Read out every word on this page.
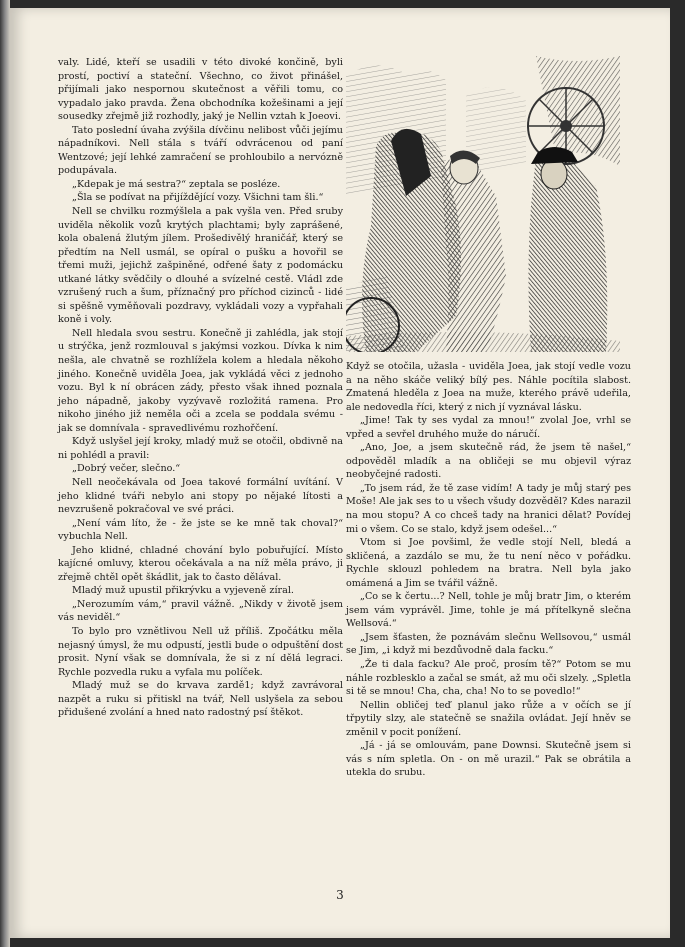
valy. Lidé, kteří se usadili v této divoké končině, byli prostí, poctiví a stateční. Všechno, co život přinášel, přijímali jako nespornou skutečnost a věřili tomu, co vypadalo jako pravda. Žena obchodníka kožešinami a její sousedky zřejmě již rozhodly, jaký je Nellin vztah k Joeovi.

Tato poslední úvaha zvýšila dívčinu nelibost vůči jejímu nápadníkovi. Nell stála s tváří odvrácenou od paní Wentzové; její lehké zamračení se prohloubilo a nervózně podupávala.

„Kdepak je má sestra?“ zeptala se posléze.

„Šla se podívat na přijíždějící vozy. Všichni tam šli.“

Nell se chvilku rozmýšlela a pak vyšla ven. Před sruby uviděla několik vozů krytých plachtami; byly zaprášené, kola obalená žlutým jílem. Prošedivělý hraničář, který se předtím na Nell usmál, se opíral o pušku a hovořil se třemi muži, jejichž zašpiněné, odřené šaty z podomácku utkané látky svědčily o dlouhé a svízelné cestě. Vládl zde vzrušený ruch a šum, příznačný pro příchod cizinců - lidé si spěšně vyměňovali pozdravy, vykládali vozy a vypřahali koně i voly.

Nell hledala svou sestru. Konečně ji zahlédla, jak stojí u strýčka, jenž rozmlouval s jakýmsi vozkou. Dívka k nim nešla, ale chvatně se rozhlížela kolem a hledala někoho jiného. Konečně uviděla Joea, jak vykládá věci z jednoho vozu. Byl k ní obrácen zády, přesto však ihned poznala jeho nápadně, jakoby vyzývavě rozložitá ramena. Pro nikoho jiného již neměla oči a zcela se poddala svému - jak se domnívala - spravedlivému rozhořčení.

Když uslyšel její kroky, mladý muž se otočil, obdivně na ni pohlédl a pravil:

„Dobrý večer, slečno.“

Nell neočekávala od Joea takové formální uvítání. V jeho klidné tváři nebylo ani stopy po nějaké lítosti a nevzrušeně pokračoval ve své práci.

„Není vám líto, že - že jste se ke mně tak choval?“ vybuchla Nell.

Jeho klidné, chladné chování bylo pobuřující. Místo kajícné omluvy, kterou očekávala a na níž měla právo, ji zřejmě chtěl opět škádlit, jak to často dělával.

Mladý muž upustil přikrývku a vyjeveně zíral.

„Nerozumím vám,“ pravil vážně. „Nikdy v životě jsem vás neviděl.“

To bylo pro vznětlivou Nell už příliš. Zpočátku měla nejasný úmysl, že mu odpustí, jestli bude o odpuštění dost prosit. Nyní však se domnívala, že si z ní dělá legraci. Rychle pozvedla ruku a vyfala mu políček.

Mladý muž se do krvava zardě1; když zavrávoral nazpět a ruku si přitiskl na tvář, Nell uslyšela za sebou přidušené zvolání a hned nato radostný psí štěkot.

Když se otočila, užasla - uviděla Joea, jak stojí vedle vozu a na něho skáče veliký bílý pes. Náhle pocítila slabost. Zmatená hleděla z Joea na muže, kterého právě udeřila, ale nedovedla říci, který z nich jí vyznával lásku.

„Jime! Tak ty ses vydal za mnou!“ zvolal Joe, vrhl se vpřed a sevřel druhého muže do náručí.

„Ano, Joe, a jsem skutečně rád, že jsem tě našel,“ odpověděl mladík a na obličeji se mu objevil výraz neobyčejné radosti.

„To jsem rád, že tě zase vidím! A tady je můj starý pes Moše! Ale jak ses to u všech všudy dozvěděl? Kdes narazil na mou stopu? A co chceš tady na hranici dělat? Povídej mi o všem. Co se stalo, když jsem odešel...“

Vtom si Joe povšiml, že vedle stojí Nell, bledá a skličená, a zazdálo se mu, že tu není něco v pořádku. Rychle sklouzl pohledem na bratra. Nell byla jako omámená a Jim se tvářil vážně.

„Co se k čertu...? Nell, tohle je můj bratr Jim, o kterém jsem vám vyprávěl. Jime, tohle je má přítelkyně slečna Wellsová.“

„Jsem šťasten, že poznávám slečnu Wellsovou,“ usmál se Jim, „i když mi bezdůvodně dala facku.“

„Že ti dala facku? Ale proč, prosím tě?“ Potom se mu náhle rozblesklo a začal se smát, až mu oči slzely. „Spletla si tě se mnou! Cha, cha, cha! No to se povedlo!“

Nellin obličej teď planul jako růže a v očích se jí třpytily slzy, ale statečně se snažila ovládat. Její hněv se změnil v pocit ponížení.

„Já - já se omlouvám, pane Downsi. Skutečně jsem si vás s ním spletla. On - on mě urazil.“ Pak se obrátila a utekla do srubu.

3
